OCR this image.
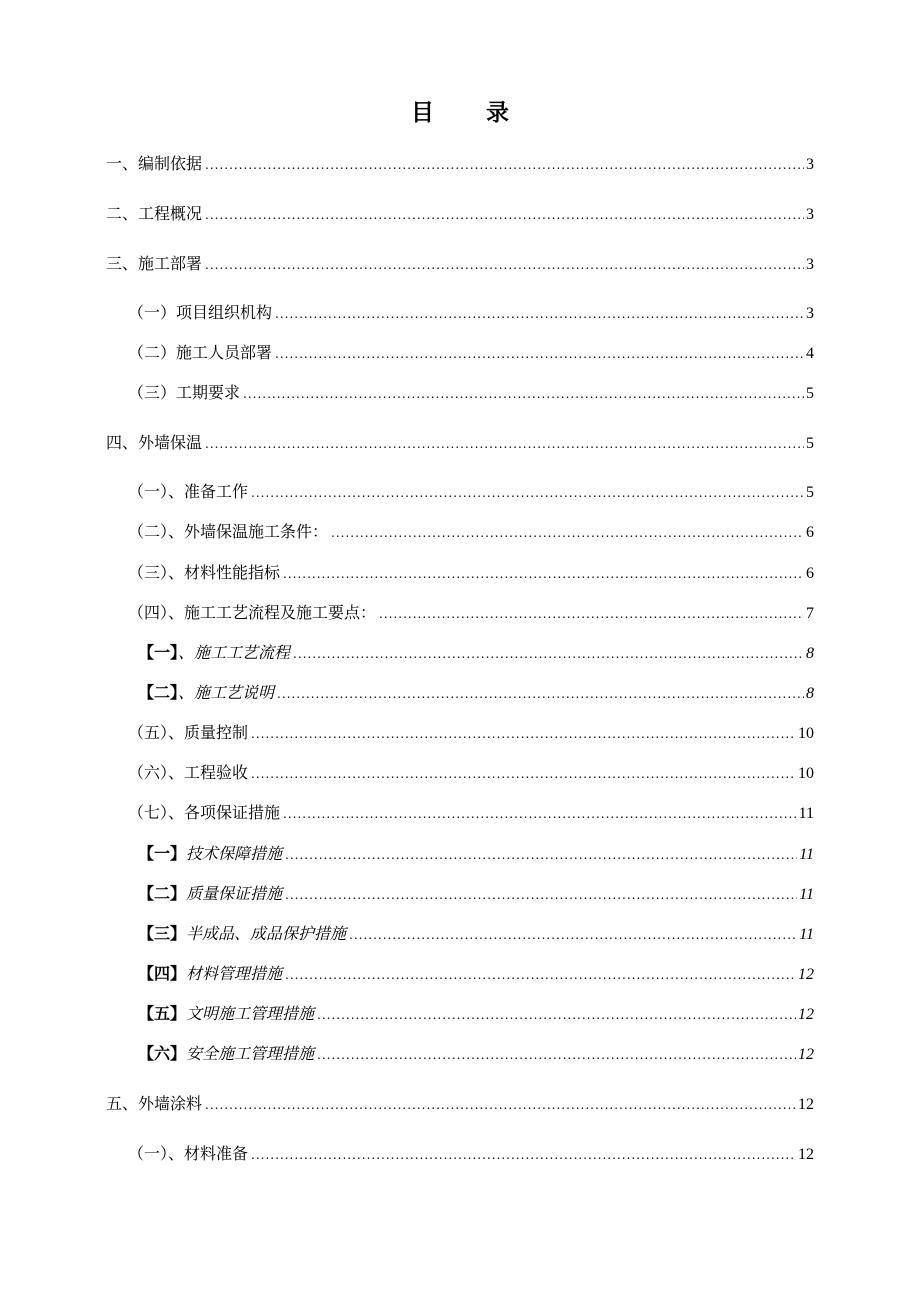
目 录
一、编制依据 .....	3
二、工程概况 .....	3
三、施工部署 .....	3
（一）项目组织机构 .....	3
（二）施工人员部署 .....	4
（三）工期要求 .....	5
四、外墙保温 .....	5
（一）、准备工作 .....	5
（二）、外墙保温施工条件： .....	6
（三）、材料性能指标 .....	6
（四）、施工工艺流程及施工要点： .....	7
【一】、施工工艺流程 .....	8
【二】、施工艺说明 .....	8
（五）、质量控制 .....	10
（六）、工程验收 .....	10
（七）、各项保证措施 .....	11
【一】技术保障措施 .....	11
【二】质量保证措施 .....	11
【三】半成品、成品保护措施 .....	11
【四】材料管理措施 .....	12
【五】文明施工管理措施 .....	12
【六】安全施工管理措施 .....	12
五、外墙涂料 .....	12
（一）、材料准备 .....	12
